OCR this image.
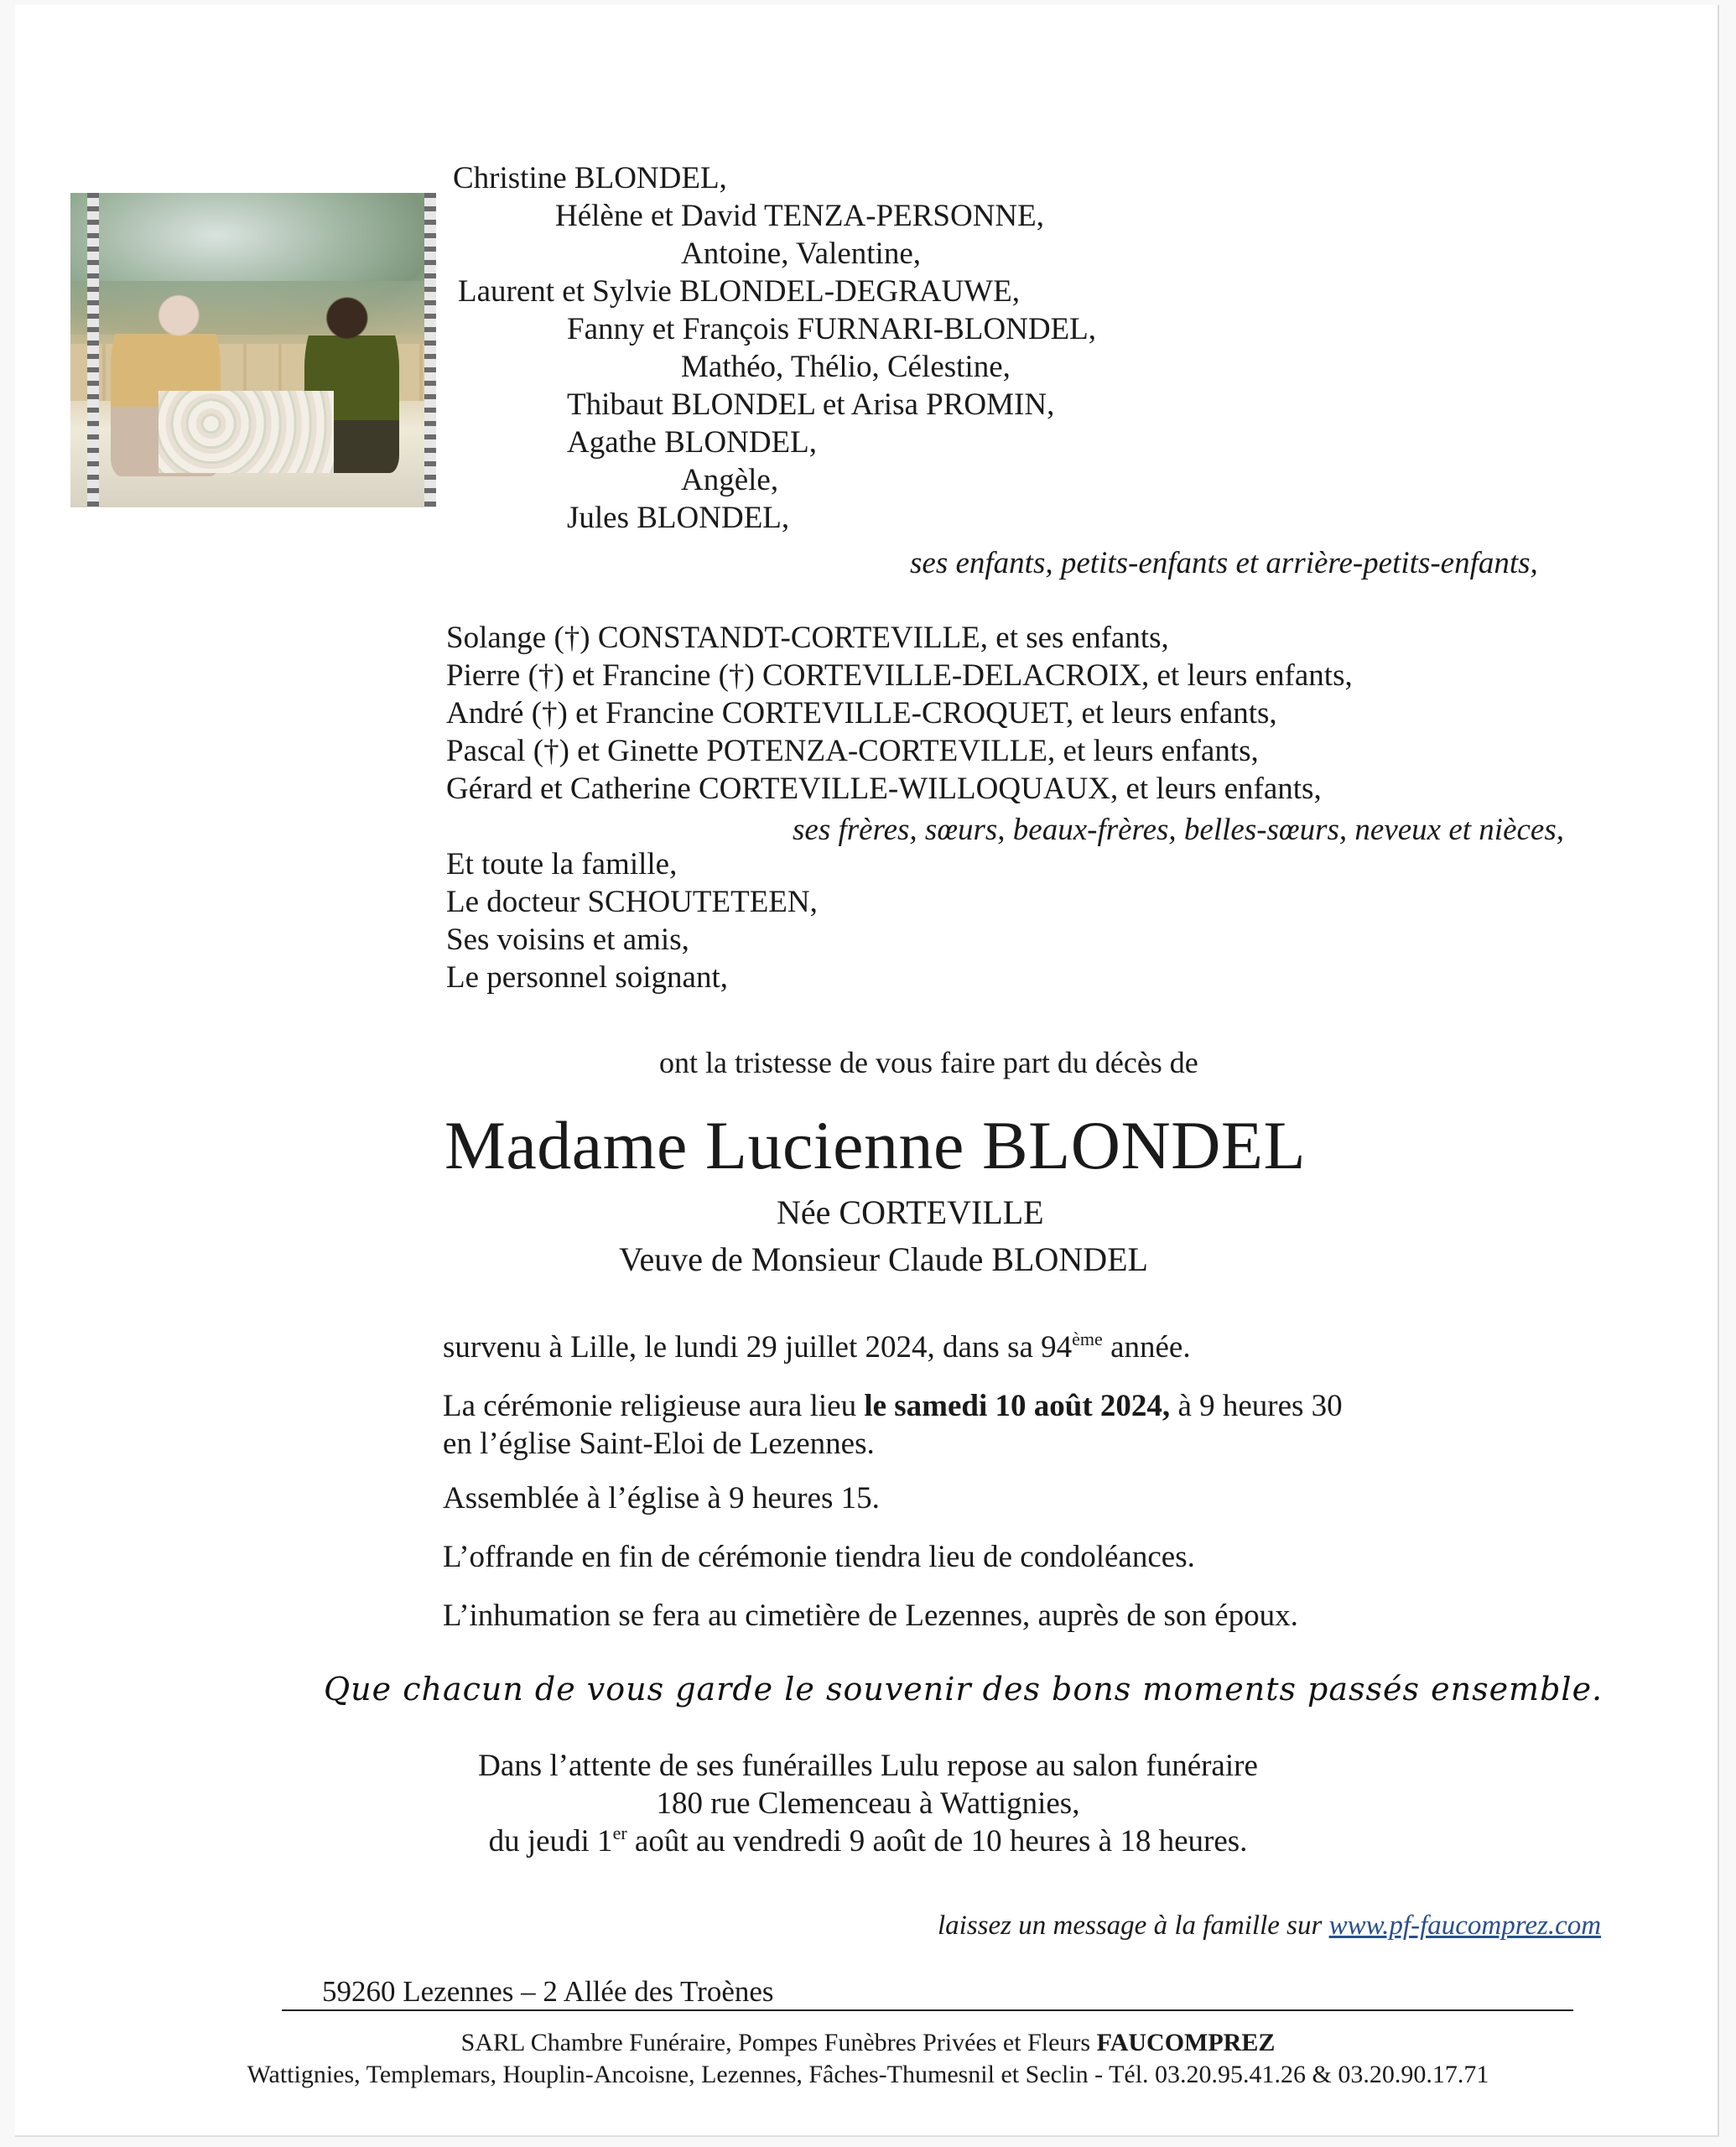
Christine BLONDEL,
Hélène et David TENZA-PERSONNE,
Antoine, Valentine,
Laurent et Sylvie BLONDEL-DEGRAUWE,
Fanny et François FURNARI-BLONDEL,
Mathéo, Thélio, Célestine,
Thibaut BLONDEL et Arisa PROMIN,
Agathe BLONDEL,
Angèle,
Jules BLONDEL,
ses enfants, petits-enfants et arrière-petits-enfants,
Solange (†) CONSTANDT-CORTEVILLE, et ses enfants,
Pierre (†) et Francine (†) CORTEVILLE-DELACROIX, et leurs enfants,
André (†) et Francine CORTEVILLE-CROQUET, et leurs enfants,
Pascal (†) et Ginette POTENZA-CORTEVILLE, et leurs enfants,
Gérard et Catherine CORTEVILLE-WILLOQUAUX, et leurs enfants,
ses frères, sœurs, beaux-frères, belles-sœurs, neveux et nièces,
Et toute la famille,
Le docteur SCHOUTETEEN,
Ses voisins et amis,
Le personnel soignant,
ont la tristesse de vous faire part du décès de
Madame Lucienne BLONDEL
Née CORTEVILLE
Veuve de Monsieur Claude BLONDEL
survenu à Lille, le lundi 29 juillet 2024, dans sa 94ème année.
La cérémonie religieuse aura lieu le samedi 10 août 2024, à 9 heures 30
en l’église Saint-Eloi de Lezennes.
Assemblée à l’église à 9 heures 15.
L’offrande en fin de cérémonie tiendra lieu de condoléances.
L’inhumation se fera au cimetière de Lezennes, auprès de son époux.
Que chacun de vous garde le souvenir des bons moments passés ensemble.
Dans l’attente de ses funérailles Lulu repose au salon funéraire
180 rue Clemenceau à Wattignies,
du jeudi 1er août au vendredi 9 août de 10 heures à 18 heures.
laissez un message à la famille sur www.pf-faucomprez.com
59260 Lezennes – 2 Allée des Troènes
SARL Chambre Funéraire, Pompes Funèbres Privées et Fleurs FAUCOMPREZ
Wattignies, Templemars, Houplin-Ancoisne, Lezennes, Fâches-Thumesnil et Seclin - Tél. 03.20.95.41.26 & 03.20.90.17.71
